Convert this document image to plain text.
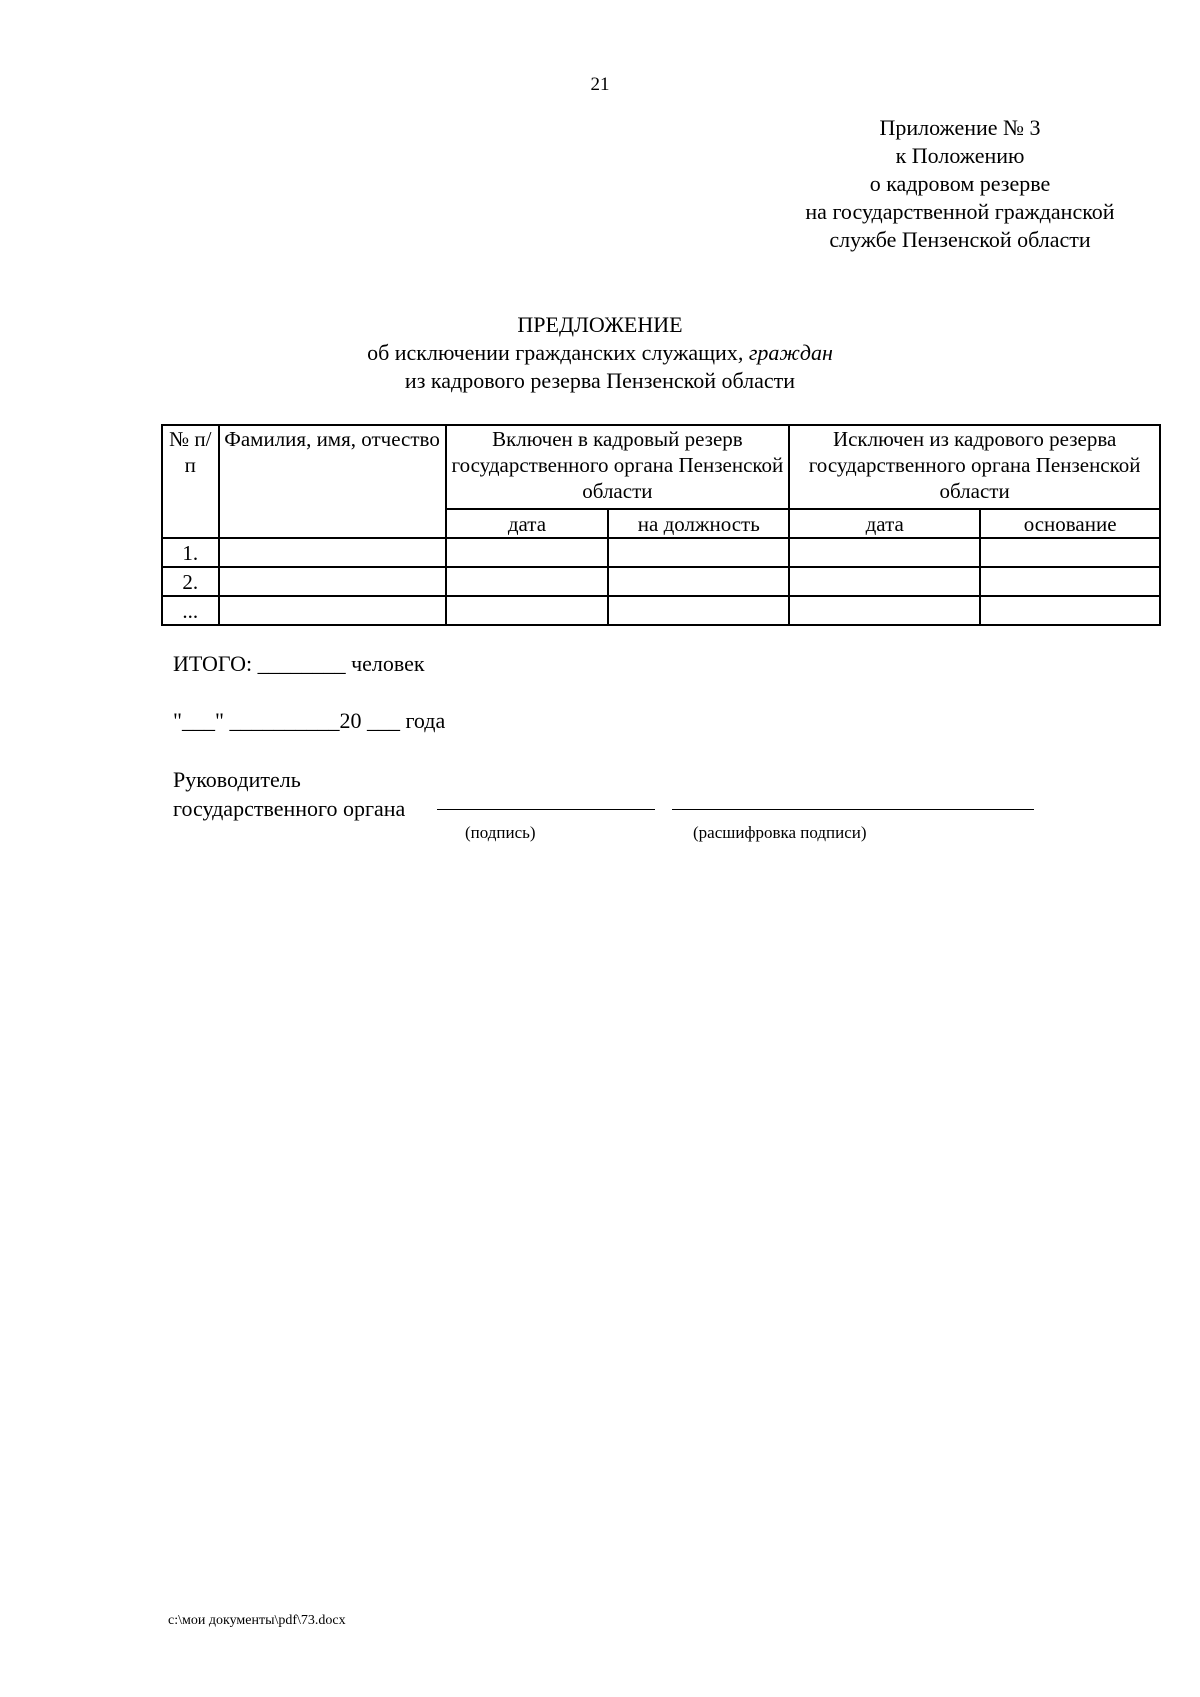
21
Приложение № 3
к Положению
о кадровом резерве
на государственной гражданской
службе Пензенской области
ПРЕДЛОЖЕНИЕ
об исключении гражданских служащих, граждан
из кадрового резерва Пензенской области
№ п/п	Фамилия, имя, отчество	Включен в кадровый резерв государственного органа Пензенской области		Исключен из кадрового резерва государственного органа Пензенской области	
		дата	на должность	дата	основание
1.					
2.					
...					
ИТОГО: ________ человек
"___" __________20 ___ года
Руководитель
государственного органа
(подпись)	(расшифровка подписи)
c:\мои документы\pdf\73.docx
